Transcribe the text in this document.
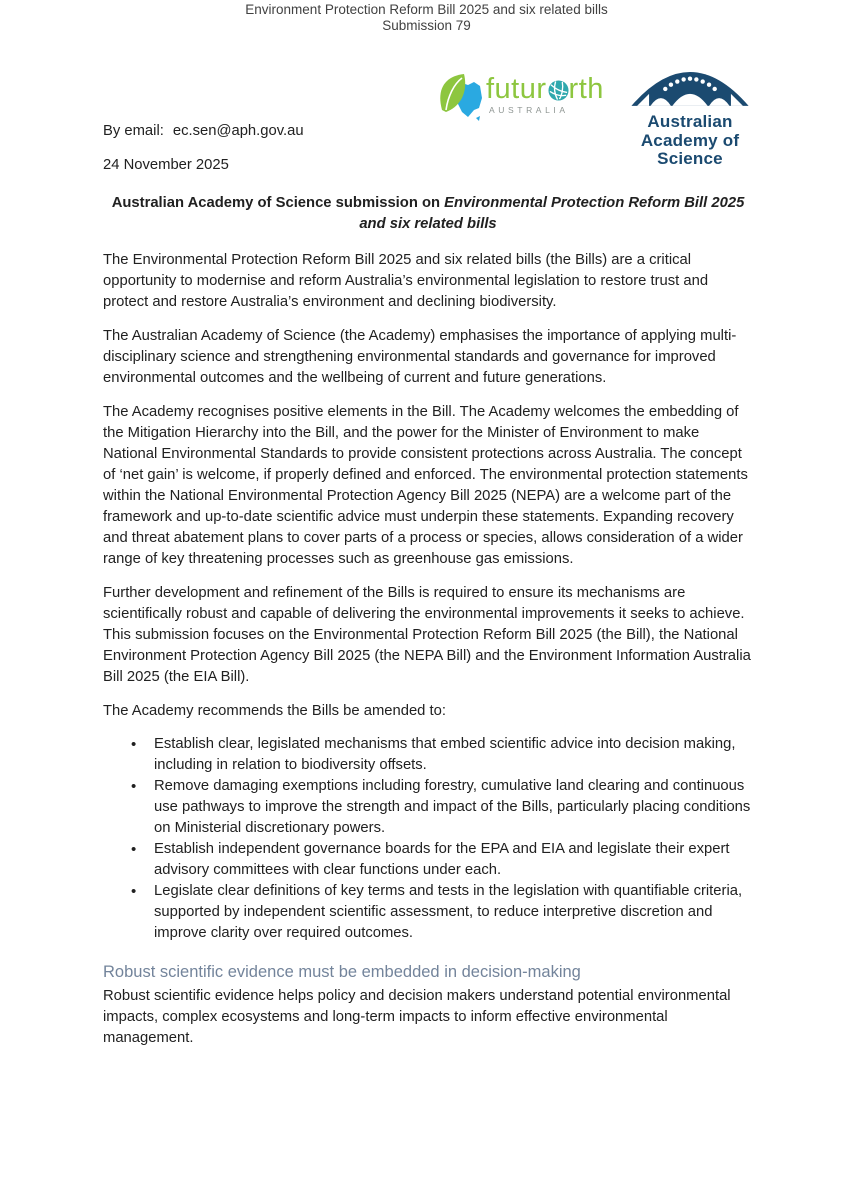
Environment Protection Reform Bill 2025 and six related bills
Submission 79
futur rth
AUSTRALIA
Australian
Academy of
Science

By email: ec.sen@aph.gov.au

24 November 2025

Australian Academy of Science submission on Environmental Protection Reform Bill 2025 and six related bills

The Environmental Protection Reform Bill 2025 and six related bills (the Bills) are a critical opportunity to modernise and reform Australia’s environmental legislation to restore trust and protect and restore Australia’s environment and declining biodiversity.

The Australian Academy of Science (the Academy) emphasises the importance of applying multi-disciplinary science and strengthening environmental standards and governance for improved environmental outcomes and the wellbeing of current and future generations.

The Academy recognises positive elements in the Bill. The Academy welcomes the embedding of the Mitigation Hierarchy into the Bill, and the power for the Minister of Environment to make National Environmental Standards to provide consistent protections across Australia. The concept of ‘net gain’ is welcome, if properly defined and enforced. The environmental protection statements within the National Environmental Protection Agency Bill 2025 (NEPA) are a welcome part of the framework and up-to-date scientific advice must underpin these statements. Expanding recovery and threat abatement plans to cover parts of a process or species, allows consideration of a wider range of key threatening processes such as greenhouse gas emissions.

Further development and refinement of the Bills is required to ensure its mechanisms are scientifically robust and capable of delivering the environmental improvements it seeks to achieve. This submission focuses on the Environmental Protection Reform Bill 2025 (the Bill), the National Environment Protection Agency Bill 2025 (the NEPA Bill) and the Environment Information Australia Bill 2025 (the EIA Bill).

The Academy recommends the Bills be amended to:

• Establish clear, legislated mechanisms that embed scientific advice into decision making, including in relation to biodiversity offsets.
• Remove damaging exemptions including forestry, cumulative land clearing and continuous use pathways to improve the strength and impact of the Bills, particularly placing conditions on Ministerial discretionary powers.
• Establish independent governance boards for the EPA and EIA and legislate their expert advisory committees with clear functions under each.
• Legislate clear definitions of key terms and tests in the legislation with quantifiable criteria, supported by independent scientific assessment, to reduce interpretive discretion and improve clarity over required outcomes.
Robust scientific evidence must be embedded in decision-making

Robust scientific evidence helps policy and decision makers understand potential environmental impacts, complex ecosystems and long-term impacts to inform effective environmental management.
